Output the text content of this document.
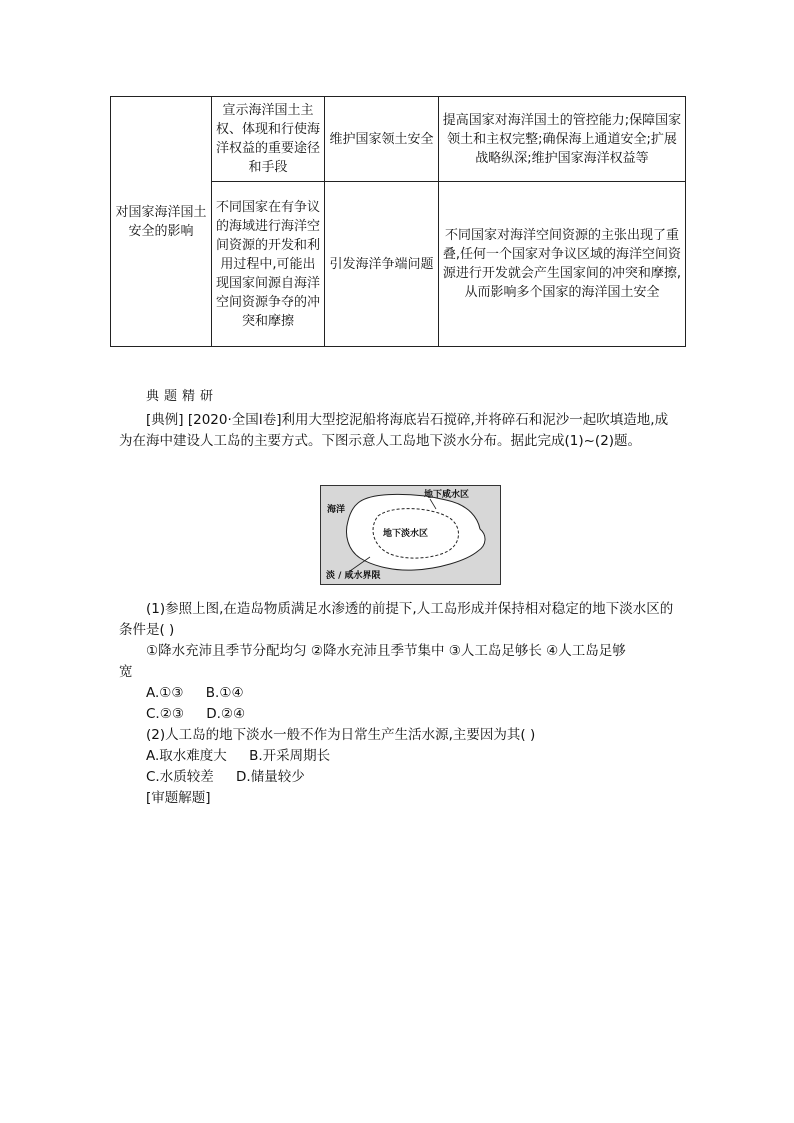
对国家海洋国土安全的影响	宣示海洋国土主权、体现和行使海洋权益的重要途径和手段	维护国家领土安全	提高国家对海洋国土的管控能力;保障国家领土和主权完整;确保海上通道安全;扩展战略纵深;维护国家海洋权益等
	不同国家在有争议的海域进行海洋空间资源的开发和利用过程中,可能出现国家间源自海洋空间资源争夺的冲突和摩擦	引发海洋争端问题	不同国家对海洋空间资源的主张出现了重叠,任何一个国家对争议区域的海洋空间资源进行开发就会产生国家间的冲突和摩擦,从而影响多个国家的海洋国土安全
典题精研
[典例] [2020·全国Ⅰ卷]利用大型挖泥船将海底岩石搅碎,并将碎石和泥沙一起吹填造地,成为在海中建设人工岛的主要方式。下图示意人工岛地下淡水分布。据此完成(1)~(2)题。
海洋
地下咸水区
地下淡水区
淡 / 咸水界限
(1)参照上图,在造岛物质满足水渗透的前提下,人工岛形成并保持相对稳定的地下淡水区的条件是( )
①降水充沛且季节分配均匀 ②降水充沛且季节集中 ③人工岛足够长 ④人工岛足够
宽
A.①③ B.①④
C.②③ D.②④
(2)人工岛的地下淡水一般不作为日常生产生活水源,主要因为其( )
A.取水难度大 B.开采周期长
C.水质较差 D.储量较少
[审题解题]
